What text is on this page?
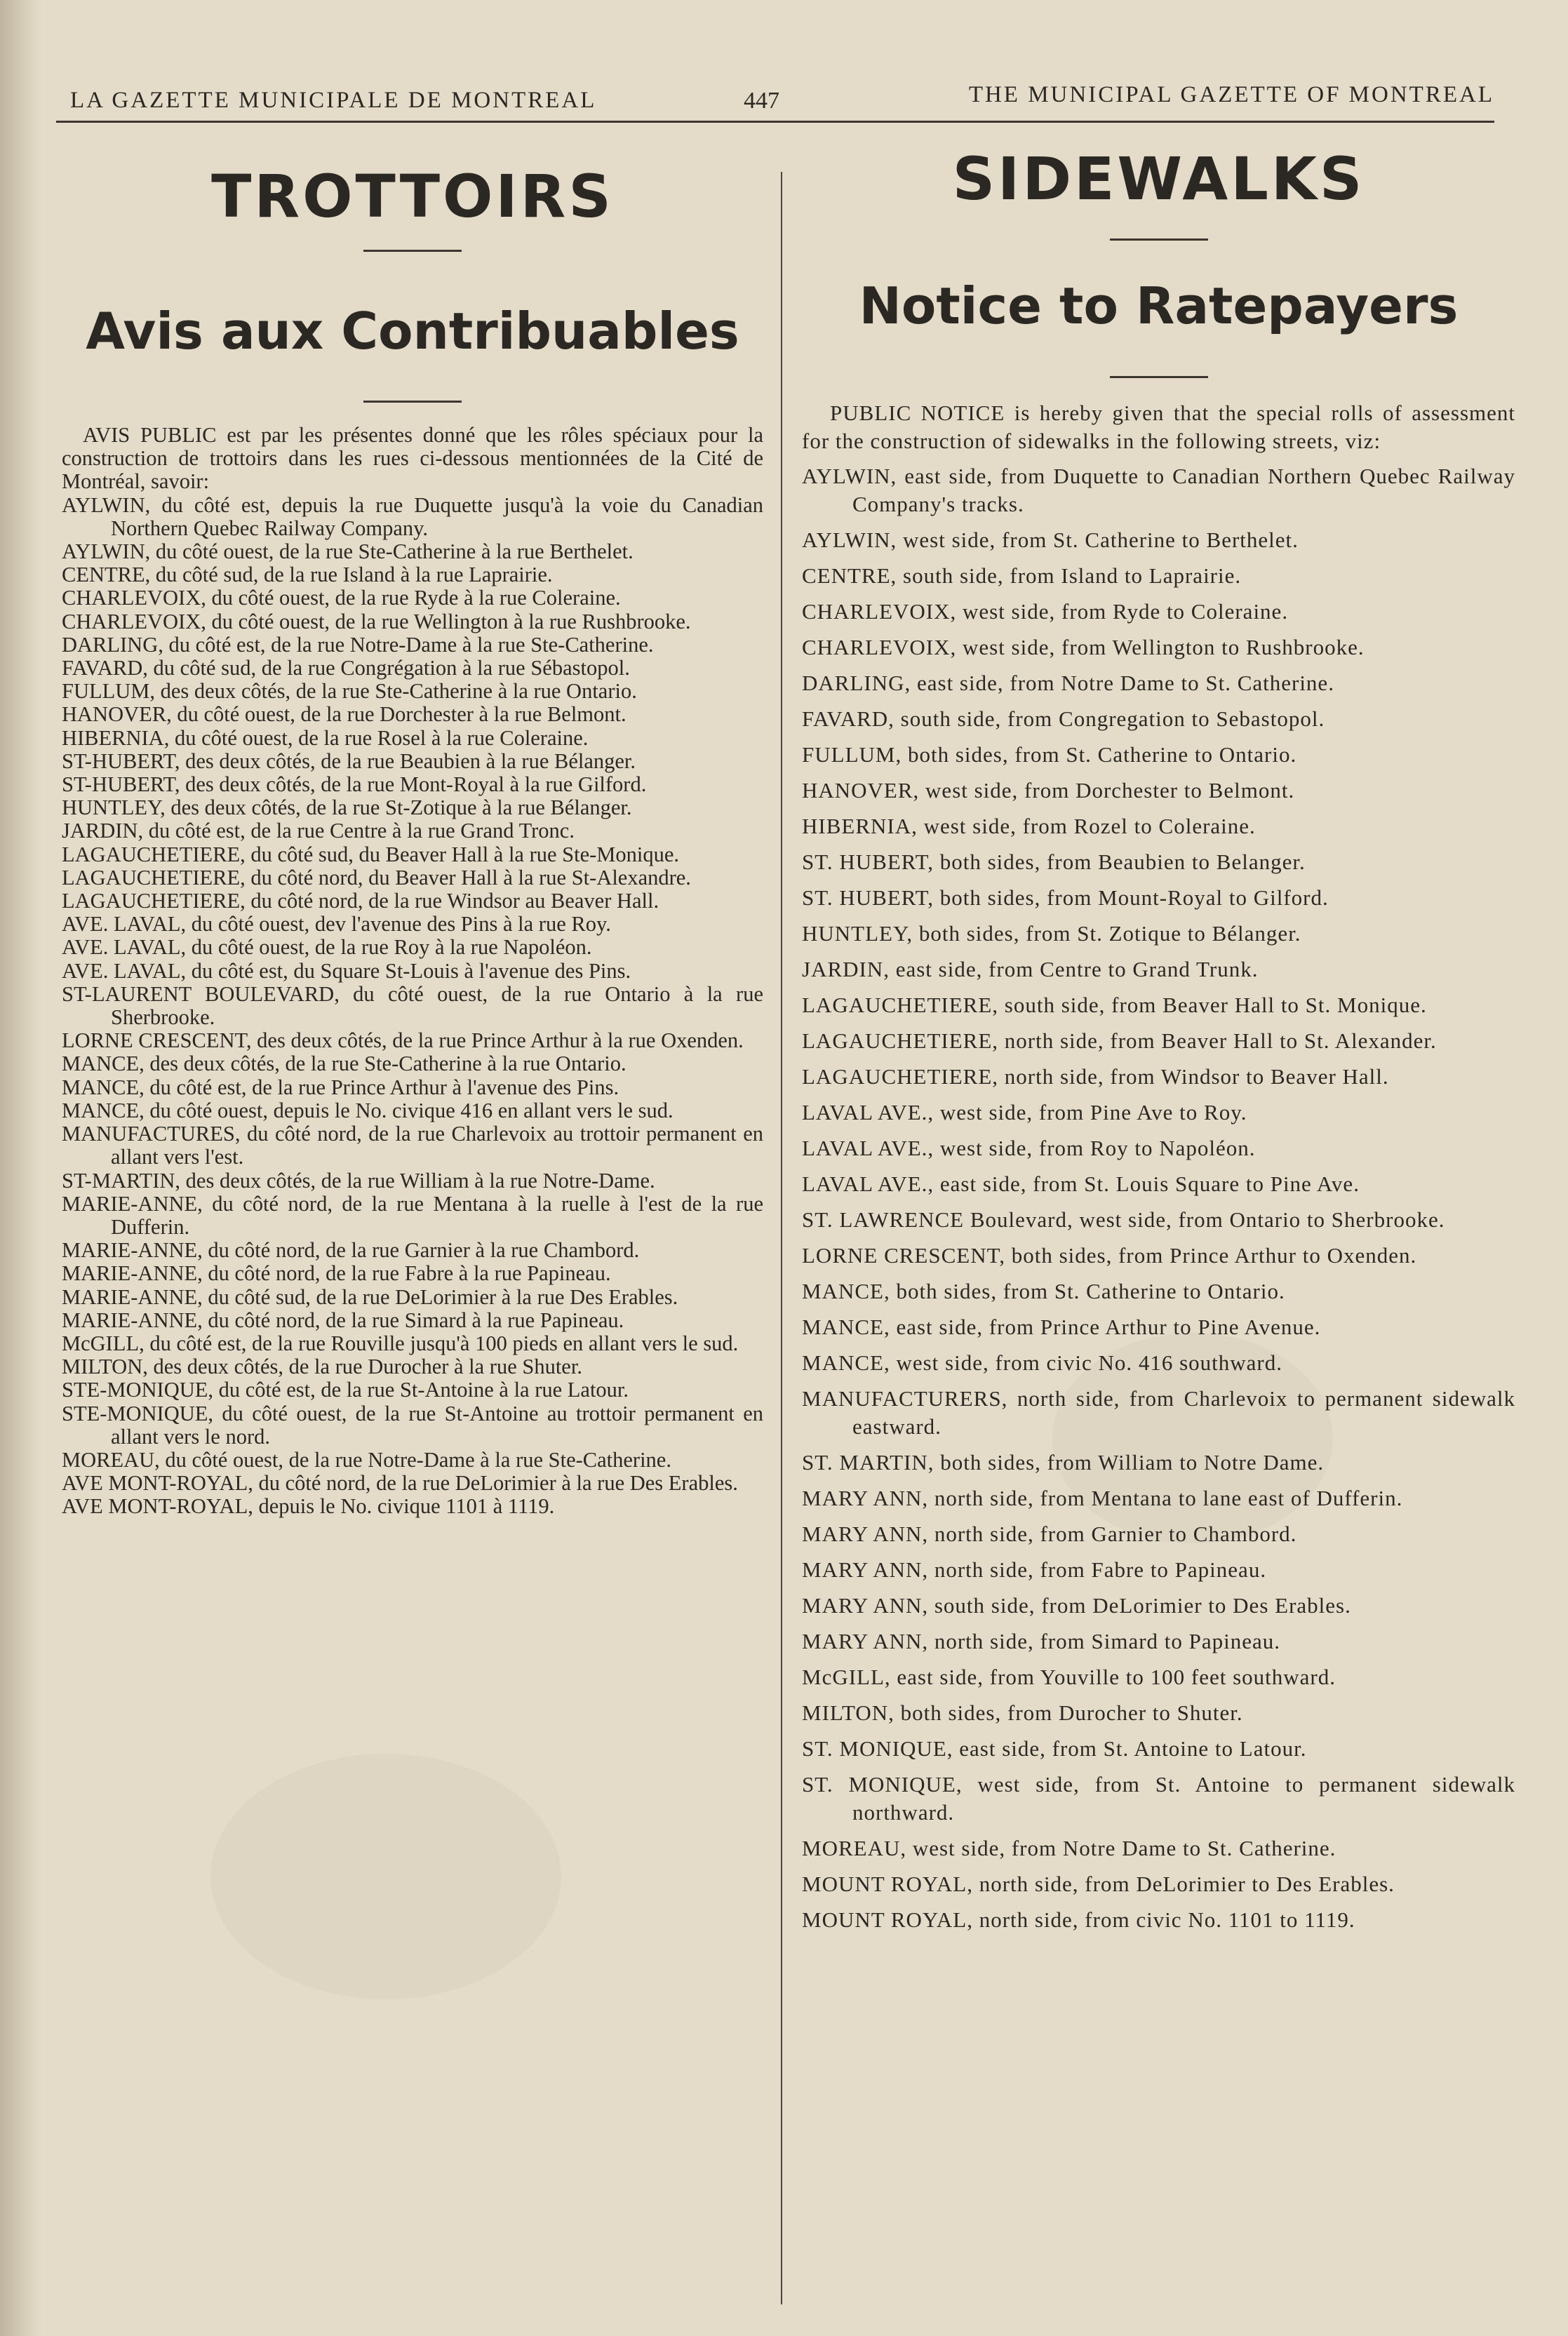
LA GAZETTE MUNICIPALE DE MONTREAL	447	THE MUNICIPAL GAZETTE OF MONTREAL
TROTTOIRS
Avis aux Contribuables

AVIS PUBLIC est par les présentes donné que les rôles spéciaux pour la construction de trottoirs dans les rues ci-dessous mentionnées de la Cité de Montréal, savoir:

AYLWIN, du côté est, depuis la rue Duquette jusqu'à la voie du Canadian Northern Quebec Railway Company.

AYLWIN, du côté ouest, de la rue Ste-Catherine à la rue Berthelet.

CENTRE, du côté sud, de la rue Island à la rue Laprairie.

CHARLEVOIX, du côté ouest, de la rue Ryde à la rue Coleraine.

CHARLEVOIX, du côté ouest, de la rue Wellington à la rue Rushbrooke.

DARLING, du côté est, de la rue Notre-Dame à la rue Ste-Catherine.

FAVARD, du côté sud, de la rue Congrégation à la rue Sébastopol.

FULLUM, des deux côtés, de la rue Ste-Catherine à la rue Ontario.

HANOVER, du côté ouest, de la rue Dorchester à la rue Belmont.

HIBERNIA, du côté ouest, de la rue Rosel à la rue Coleraine.

ST-HUBERT, des deux côtés, de la rue Beaubien à la rue Bélanger.

ST-HUBERT, des deux côtés, de la rue Mont-Royal à la rue Gilford.

HUNTLEY, des deux côtés, de la rue St-Zotique à la rue Bélanger.

JARDIN, du côté est, de la rue Centre à la rue Grand Tronc.

LAGAUCHETIERE, du côté sud, du Beaver Hall à la rue Ste-Monique.

LAGAUCHETIERE, du côté nord, du Beaver Hall à la rue St-Alexandre.

LAGAUCHETIERE, du côté nord, de la rue Windsor au Beaver Hall.

AVE. LAVAL, du côté ouest, dev l'avenue des Pins à la rue Roy.

AVE. LAVAL, du côté ouest, de la rue Roy à la rue Napoléon.

AVE. LAVAL, du côté est, du Square St-Louis à l'avenue des Pins.

ST-LAURENT BOULEVARD, du côté ouest, de la rue Ontario à la rue Sherbrooke.

LORNE CRESCENT, des deux côtés, de la rue Prince Arthur à la rue Oxenden.

MANCE, des deux côtés, de la rue Ste-Catherine à la rue Ontario.

MANCE, du côté est, de la rue Prince Arthur à l'avenue des Pins.

MANCE, du côté ouest, depuis le No. civique 416 en allant vers le sud.

MANUFACTURES, du côté nord, de la rue Charlevoix au trottoir permanent en allant vers l'est.

ST-MARTIN, des deux côtés, de la rue William à la rue Notre-Dame.

MARIE-ANNE, du côté nord, de la rue Mentana à la ruelle à l'est de la rue Dufferin.

MARIE-ANNE, du côté nord, de la rue Garnier à la rue Chambord.

MARIE-ANNE, du côté nord, de la rue Fabre à la rue Papineau.

MARIE-ANNE, du côté sud, de la rue DeLorimier à la rue Des Erables.

MARIE-ANNE, du côté nord, de la rue Simard à la rue Papineau.

McGILL, du côté est, de la rue Rouville jusqu'à 100 pieds en allant vers le sud.

MILTON, des deux côtés, de la rue Durocher à la rue Shuter.

STE-MONIQUE, du côté est, de la rue St-Antoine à la rue Latour.

STE-MONIQUE, du côté ouest, de la rue St-Antoine au trottoir permanent en allant vers le nord.

MOREAU, du côté ouest, de la rue Notre-Dame à la rue Ste-Catherine.

AVE MONT-ROYAL, du côté nord, de la rue DeLorimier à la rue Des Erables.

AVE MONT-ROYAL, depuis le No. civique 1101 à 1119.

SIDEWALKS
Notice to Ratepayers

PUBLIC NOTICE is hereby given that the special rolls of assessment for the construction of sidewalks in the following streets, viz:

AYLWIN, east side, from Duquette to Canadian Northern Quebec Railway Company's tracks.

AYLWIN, west side, from St. Catherine to Berthelet.

CENTRE, south side, from Island to Laprairie.

CHARLEVOIX, west side, from Ryde to Coleraine.

CHARLEVOIX, west side, from Wellington to Rushbrooke.

DARLING, east side, from Notre Dame to St. Catherine.

FAVARD, south side, from Congregation to Sebastopol.

FULLUM, both sides, from St. Catherine to Ontario.

HANOVER, west side, from Dorchester to Belmont.

HIBERNIA, west side, from Rozel to Coleraine.

ST. HUBERT, both sides, from Beaubien to Belanger.

ST. HUBERT, both sides, from Mount-Royal to Gilford.

HUNTLEY, both sides, from St. Zotique to Bélanger.

JARDIN, east side, from Centre to Grand Trunk.

LAGAUCHETIERE, south side, from Beaver Hall to St. Monique.

LAGAUCHETIERE, north side, from Beaver Hall to St. Alexander.

LAGAUCHETIERE, north side, from Windsor to Beaver Hall.

LAVAL AVE., west side, from Pine Ave to Roy.

LAVAL AVE., west side, from Roy to Napoléon.

LAVAL AVE., east side, from St. Louis Square to Pine Ave.

ST. LAWRENCE Boulevard, west side, from Ontario to Sherbrooke.

LORNE CRESCENT, both sides, from Prince Arthur to Oxenden.

MANCE, both sides, from St. Catherine to Ontario.

MANCE, east side, from Prince Arthur to Pine Avenue.

MANCE, west side, from civic No. 416 southward.

MANUFACTURERS, north side, from Charlevoix to permanent sidewalk eastward.

ST. MARTIN, both sides, from William to Notre Dame.

MARY ANN, north side, from Mentana to lane east of Dufferin.

MARY ANN, north side, from Garnier to Chambord.

MARY ANN, north side, from Fabre to Papineau.

MARY ANN, south side, from DeLorimier to Des Erables.

MARY ANN, north side, from Simard to Papineau.

McGILL, east side, from Youville to 100 feet southward.

MILTON, both sides, from Durocher to Shuter.

ST. MONIQUE, east side, from St. Antoine to Latour.

ST. MONIQUE, west side, from St. Antoine to permanent sidewalk northward.

MOREAU, west side, from Notre Dame to St. Catherine.

MOUNT ROYAL, north side, from DeLorimier to Des Erables.

MOUNT ROYAL, north side, from civic No. 1101 to 1119.
